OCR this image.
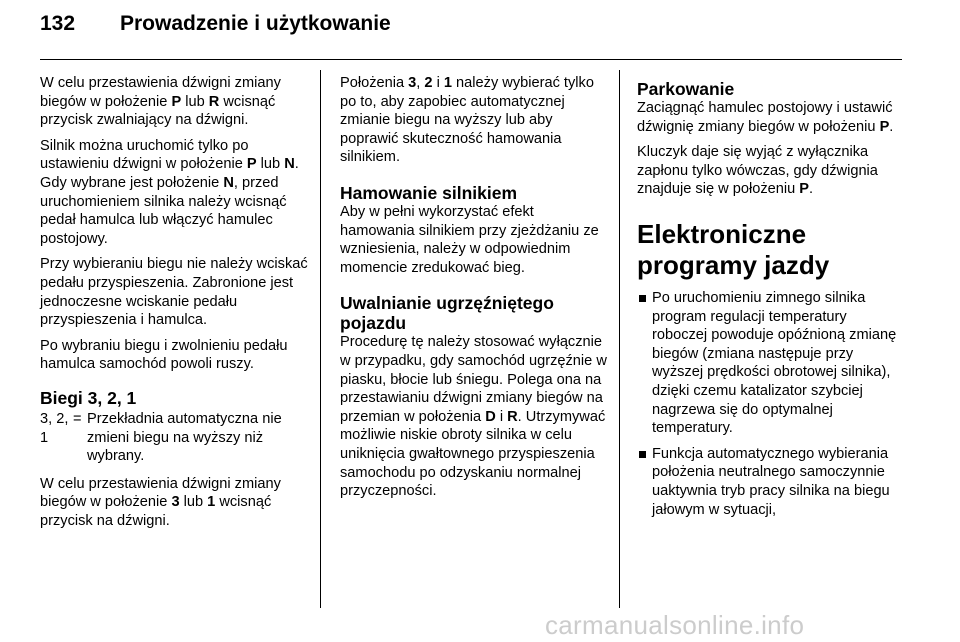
132	Prowadzenie i użytkowanie

W celu przestawienia dźwigni zmiany biegów w położenie P lub R wcisnąć przycisk zwalniający na dźwigni.

Silnik można uruchomić tylko po ustawieniu dźwigni w położenie P lub N. Gdy wybrane jest położenie N, przed uruchomieniem silnika należy wcisnąć pedał hamulca lub włączyć hamulec postojowy.

Przy wybieraniu biegu nie należy wciskać pedału przyspieszenia. Zabronione jest jednoczesne wciskanie pedału przyspieszenia i hamulca.

Po wybraniu biegu i zwolnieniu pedału hamulca samochód powoli ruszy.

Biegi 3, 2, 1
3, 2, 1
= Przekładnia automatyczna nie zmieni biegu na wyższy niż wybrany.

W celu przestawienia dźwigni zmiany biegów w położenie 3 lub 1 wcisnąć przycisk na dźwigni.

Położenia 3, 2 i 1 należy wybierać tylko po to, aby zapobiec automatycznej zmianie biegu na wyższy lub aby poprawić skuteczność hamowania silnikiem.

Hamowanie silnikiem

Aby w pełni wykorzystać efekt hamowania silnikiem przy zjeżdżaniu ze wzniesienia, należy w odpowiednim momencie zredukować bieg.

Uwalnianie ugrzęźniętego pojazdu

Procedurę tę należy stosować wyłącznie w przypadku, gdy samochód ugrzęźnie w piasku, błocie lub śniegu. Polega ona na przestawianiu dźwigni zmiany biegów na przemian w położenia D i R. Utrzymywać możliwie niskie obroty silnika w celu uniknięcia gwałtownego przyspieszenia samochodu po odzyskaniu normalnej przyczepności.

Parkowanie

Zaciągnąć hamulec postojowy i ustawić dźwignię zmiany biegów w położeniu P.

Kluczyk daje się wyjąć z wyłącznika zapłonu tylko wówczas, gdy dźwignia znajduje się w położeniu P.

Elektroniczne programy jazdy
Po uruchomieniu zimnego silnika program regulacji temperatury roboczej powoduje opóźnioną zmianę biegów (zmiana następuje przy wyższej prędkości obrotowej silnika), dzięki czemu katalizator szybciej nagrzewa się do optymalnej temperatury.
Funkcja automatycznego wybierania położenia neutralnego samoczynnie uaktywnia tryb pracy silnika na biegu jałowym w sytuacji,
carmanualsonline.info
